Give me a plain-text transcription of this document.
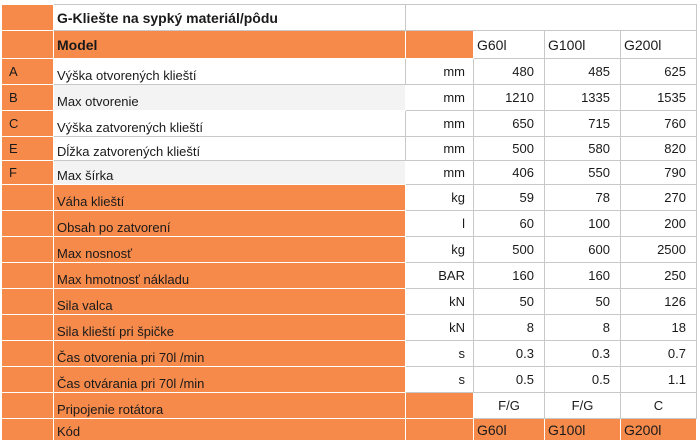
	G-Kliešte na sypký materiál/pôdu				
	Model		G60l	G100l	G200l
A	Výška otvorených klieští	mm	480	485	625
B	Max otvorenie	mm	1210	1335	1535
C	Výška zatvorených klieští	mm	650	715	760
E	Dĺžka zatvorených klieští	mm	500	580	820
F	Max šírka	mm	406	550	790
	Váha klieští	kg	59	78	270
	Obsah po zatvorení	l	60	100	200
	Max nosnosť	kg	500	600	2500
	Max hmotnosť nákladu	BAR	160	160	250
	Sila valca	kN	50	50	126
	Sila klieští pri špičke	kN	8	8	18
	Čas otvorenia pri 70l /min	s	0.3	0.3	0.7
	Čas otvárania pri 70l /min	s	0.5	0.5	1.1
	Pripojenie rotátora		F/G	F/G	C
	Kód		G60l	G100l	G200l
